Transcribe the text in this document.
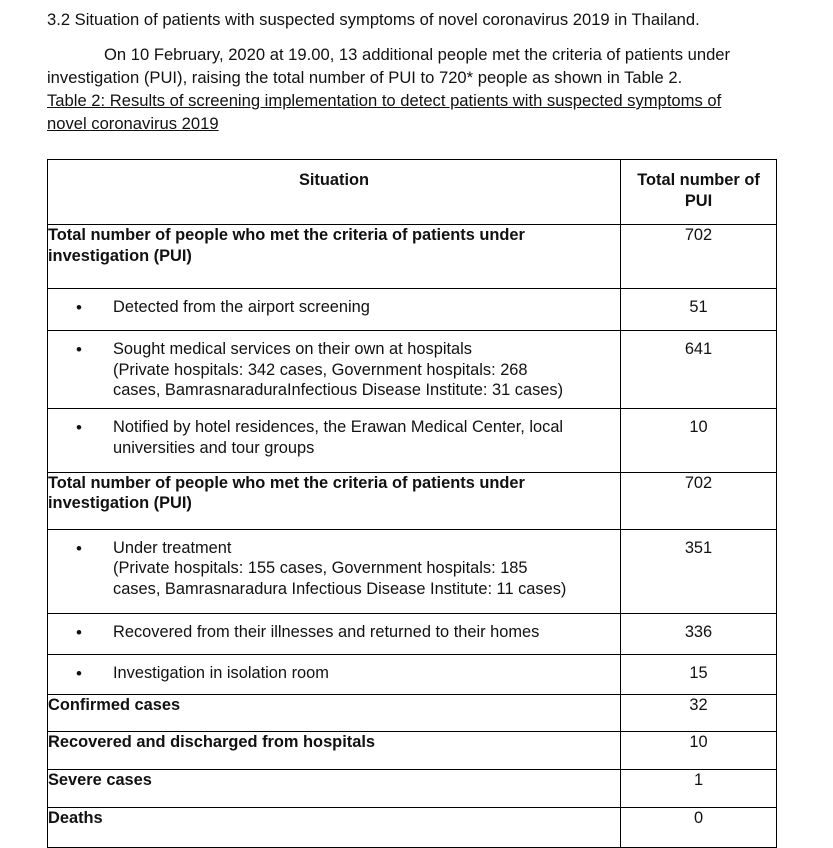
3.2 Situation of patients with suspected symptoms of novel coronavirus 2019 in Thailand.
On 10 February, 2020 at 19.00, 13 additional people met the criteria of patients under
investigation (PUI), raising the total number of PUI to 720* people as shown in Table 2.
Table 2: Results of screening implementation to detect patients with suspected symptoms of
novel coronavirus 2019
Situation	Total number of
PUI

Total number of people who met the criteria of patients under
investigation (PUI)	702

•
Detected from the airport screening	51

•
Sought medical services on their own at hospitals
(Private hospitals: 342 cases, Government hospitals: 268
cases, BamrasnaraduraInfectious Disease Institute: 31 cases)	641

•
Notified by hotel residences, the Erawan Medical Center, local
universities and tour groups	10

Total number of people who met the criteria of patients under
investigation (PUI)	702

•
Under treatment
(Private hospitals: 155 cases, Government hospitals: 185
cases, Bamrasnaradura Infectious Disease Institute: 11 cases)	351

•
Recovered from their illnesses and returned to their homes	336

•
Investigation in isolation room	15
Confirmed cases	32
Recovered and discharged from hospitals	10
Severe cases	1
Deaths	0
